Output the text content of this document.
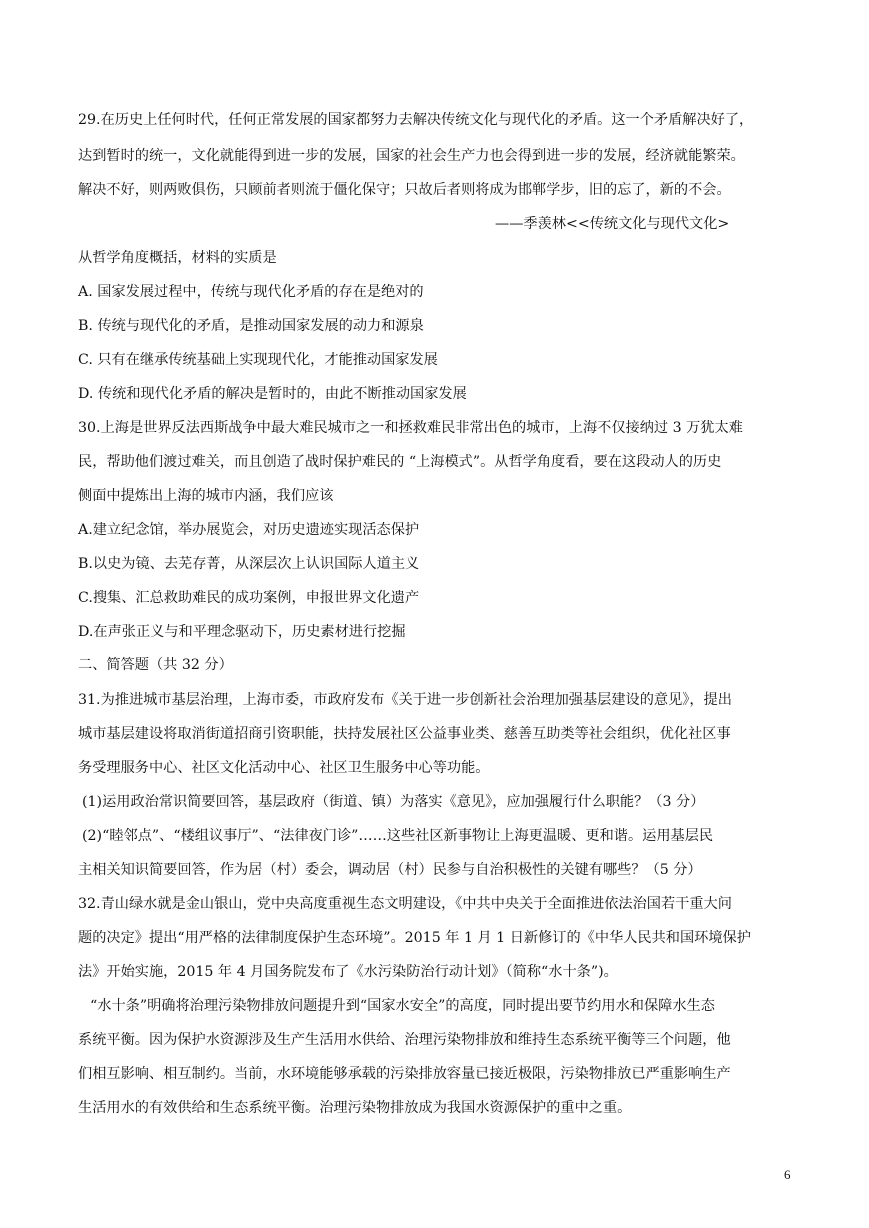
29.在历史上任何时代，任何正常发展的国家都努力去解决传统文化与现代化的矛盾。这一个矛盾解决好了，
达到暂时的统一，文化就能得到进一步的发展，国家的社会生产力也会得到进一步的发展，经济就能繁荣。
解决不好，则两败俱伤，只顾前者则流于僵化保守；只故后者则将成为邯郸学步，旧的忘了，新的不会。
——季羡林<<传统文化与现代文化>
从哲学角度概括，材料的实质是
A. 国家发展过程中，传统与现代化矛盾的存在是绝对的
B. 传统与现代化的矛盾，是推动国家发展的动力和源泉
C. 只有在继承传统基础上实现现代化，才能推动国家发展
D. 传统和现代化矛盾的解决是暂时的，由此不断推动国家发展
30.上海是世界反法西斯战争中最大难民城市之一和拯救难民非常出色的城市，上海不仅接纳过 3 万犹太难
民，帮助他们渡过难关，而且创造了战时保护难民的 “上海模式”。从哲学角度看，要在这段动人的历史
侧面中提炼出上海的城市内涵，我们应该
A.建立纪念馆，举办展览会，对历史遗迹实现活态保护
B.以史为镜、去芜存菁，从深层次上认识国际人道主义
C.搜集、汇总救助难民的成功案例，申报世界文化遗产
D.在声张正义与和平理念驱动下，历史素材进行挖掘
二、简答题（共 32 分）
31.为推进城市基层治理，上海市委，市政府发布《关于进一步创新社会治理加强基层建设的意见》，提出
城市基层建设将取消街道招商引资职能，扶持发展社区公益事业类、慈善互助类等社会组织，优化社区事
务受理服务中心、社区文化活动中心、社区卫生服务中心等功能。
(1)运用政治常识简要回答，基层政府（街道、镇）为落实《意见》，应加强履行什么职能？（3 分）
(2)“睦邻点”、“楼组议事厅”、“法律夜门诊”……这些社区新事物让上海更温暖、更和谐。运用基层民
主相关知识简要回答，作为居（村）委会，调动居（村）民参与自治积极性的关键有哪些？（5 分）
32.青山绿水就是金山银山，党中央高度重视生态文明建设，《中共中央关于全面推进依法治国若干重大问
题的决定》提出“用严格的法律制度保护生态环境”。2015 年 1 月 1 日新修订的《中华人民共和国环境保护
法》开始实施，2015 年 4 月国务院发布了《水污染防治行动计划》（简称“水十条”)。
“水十条”明确将治理污染物排放问题提升到“国家水安全”的高度，同时提出要节约用水和保障水生态
系统平衡。因为保护水资源涉及生产生活用水供给、治理污染物排放和维持生态系统平衡等三个问题，他
们相互影响、相互制约。当前，水环境能够承载的污染排放容量已接近极限，污染物排放已严重影响生产
生活用水的有效供给和生态系统平衡。治理污染物排放成为我国水资源保护的重中之重。
6
